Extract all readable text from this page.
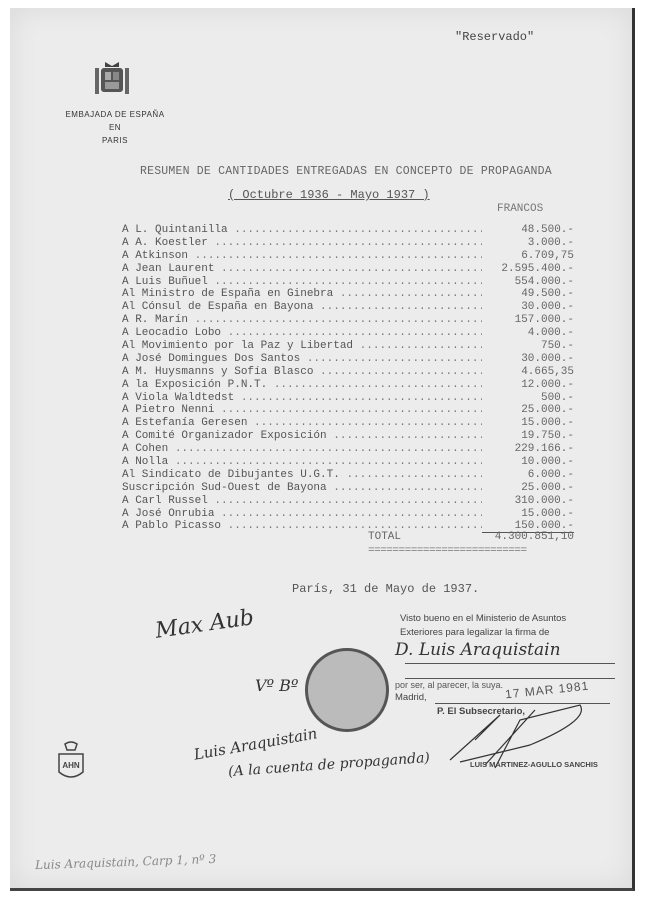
"Reservado"
EMBAJADA DE ESPAÑA
EN
PARIS
RESUMEN DE CANTIDADES ENTREGADAS EN CONCEPTO DE PROPAGANDA
( Octubre 1936 - Mayo 1937 )
FRANCOS
A L. Quintanilla .....	48.500.-
A A. Koestler .....	3.000.-
A Atkinson .....	6.709,75
A Jean Laurent .....	2.595.400.-
A Luis Buñuel .....	554.000.-
Al Ministro de España en Ginebra .....	49.500.-
Al Cónsul de España en Bayona .....	30.000.-
A R. Marín .....	157.000.-
A Leocadio Lobo .....	4.000.-
Al Movimiento por la Paz y Libertad .....	750.-
A José Domingues Dos Santos .....	30.000.-
A M. Huysmanns y Sofía Blasco .....	4.665,35
A la Exposición P.N.T. .....	12.000.-
A Viola Waldtedst .....	500.-
A Pietro Nenni .....	25.000.-
A Estefanía Geresen .....	15.000.-
A Comité Organizador Exposición .....	19.750.-
A Cohen .....	229.166.-
A Nolla .....	10.000.-
Al Sindicato de Dibujantes U.G.T. .....	6.000.-
Suscripción Sud-Ouest de Bayona .....	25.000.-
A Carl Russel .....	310.000.-
A José Onrubia .....	15.000.-
A Pablo Picasso .....	150.000.-
TOTAL	4.300.851,10
==========================
París, 31 de Mayo de 1937.
Max Aub
Vº Bº
Luis Araquistain
(A la cuenta de propaganda)
Luis Araquistain, Carp 1, nº 3
Visto bueno en el Ministerio de Asuntos
Exteriores para legalizar la firma de
D. Luis Araquistain
por ser, al parecer, la suya.
Madrid,	17 MAR 1981
P. El Subsecretario,
LUIS MARTINEZ-AGULLO SANCHIS
AHN
